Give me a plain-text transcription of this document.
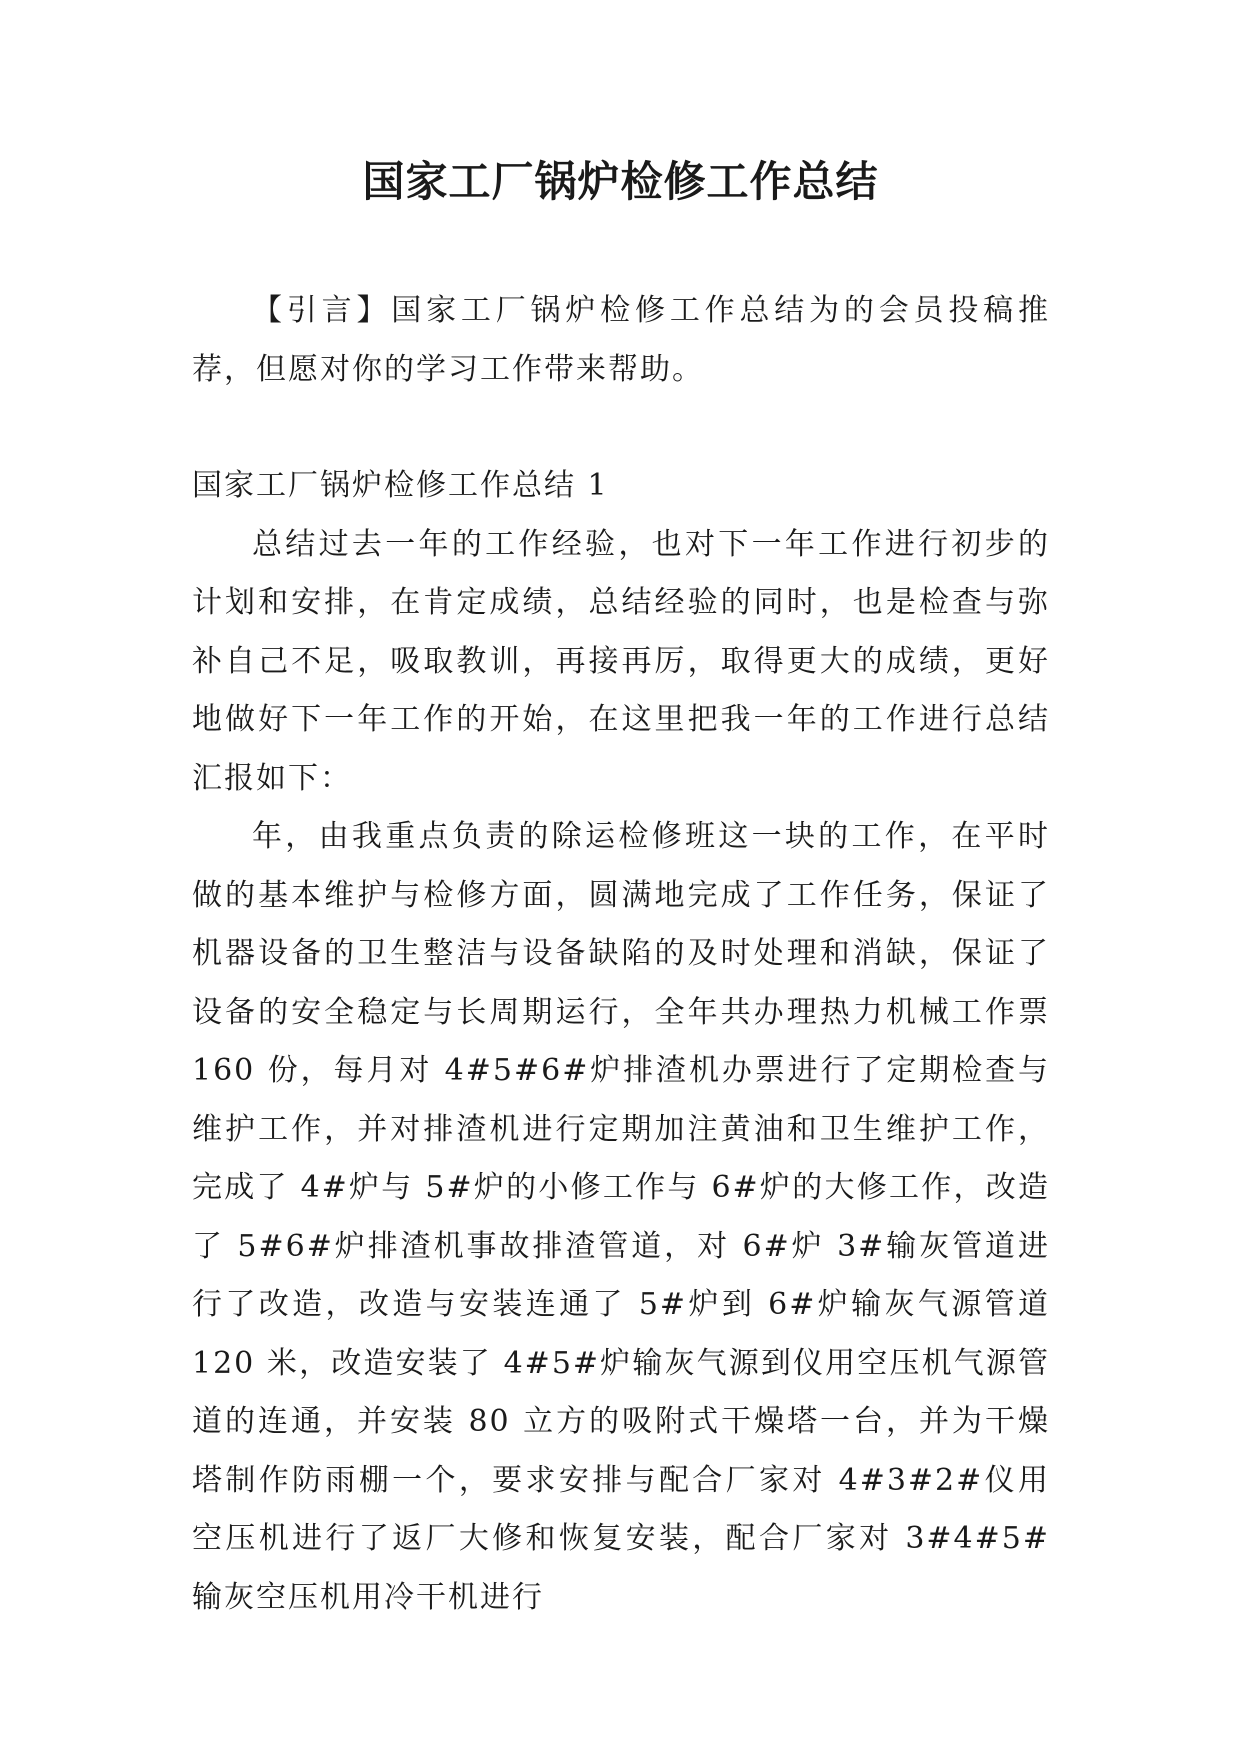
国家工厂锅炉检修工作总结

【引言】国家工厂锅炉检修工作总结为的会员投稿推荐，但愿对你的学习工作带来帮助。

国家工厂锅炉检修工作总结 1

总结过去一年的工作经验，也对下一年工作进行初步的计划和安排，在肯定成绩，总结经验的同时，也是检查与弥补自己不足，吸取教训，再接再厉，取得更大的成绩，更好地做好下一年工作的开始，在这里把我一年的工作进行总结汇报如下：

年，由我重点负责的除运检修班这一块的工作，在平时做的基本维护与检修方面，圆满地完成了工作任务，保证了机器设备的卫生整洁与设备缺陷的及时处理和消缺，保证了设备的安全稳定与长周期运行，全年共办理热力机械工作票 160 份，每月对 4#5#6#炉排渣机办票进行了定期检查与维护工作，并对排渣机进行定期加注黄油和卫生维护工作，完成了 4#炉与 5#炉的小修工作与 6#炉的大修工作，改造了 5#6#炉排渣机事故排渣管道，对 6#炉 3#输灰管道进行了改造，改造与安装连通了 5#炉到 6#炉输灰气源管道 120 米，改造安装了 4#5#炉输灰气源到仪用空压机气源管道的连通，并安装 80 立方的吸附式干燥塔一台，并为干燥塔制作防雨棚一个，要求安排与配合厂家对 4#3#2#仪用空压机进行了返厂大修和恢复安装，配合厂家对 3#4#5#输灰空压机用冷干机进行
